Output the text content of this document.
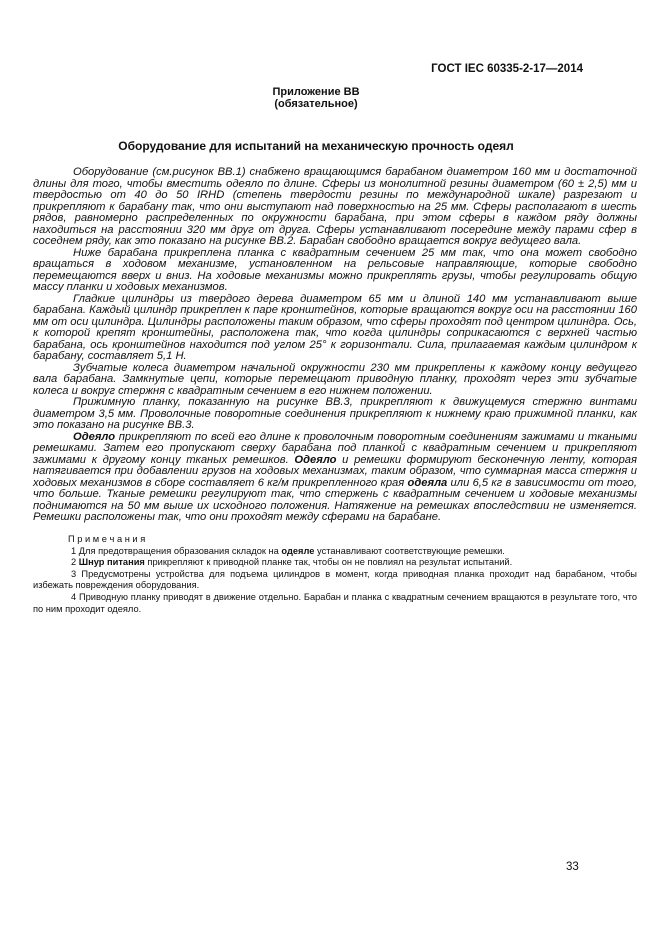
ГОСТ IEC 60335-2-17—2014
Приложение ВВ
(обязательное)
Оборудование для испытаний на механическую прочность одеял

Оборудование (см.рисунок ВВ.1) снабжено вращающимся барабаном диаметром 160 мм и достаточной длины для того, чтобы вместить одеяло по длине. Сферы из монолитной резины диаметром (60 ± 2,5) мм и твердостью от 40 до 50 IRHD (степень твердости резины по международной шкале) разрезают и прикрепляют к барабану так, что они выступают над поверхностью на 25 мм. Сферы располагают в шесть рядов, равномерно распределенных по окружности барабана, при этом сферы в каждом ряду должны находиться на расстоянии 320 мм друг от друга. Сферы устанавливают посередине между парами сфер в соседнем ряду, как это показано на рисунке ВВ.2. Барабан свободно вращается вокруг ведущего вала.

Ниже барабана прикреплена планка с квадратным сечением 25 мм так, что она может свободно вращаться в ходовом механизме, установленном на рельсовые направляющие, которые свободно перемещаются вверх и вниз. На ходовые механизмы можно прикреплять грузы, чтобы регулировать общую массу планки и ходовых механизмов.

Гладкие цилиндры из твердого дерева диаметром 65 мм и длиной 140 мм устанавливают выше барабана. Каждый цилиндр прикреплен к паре кронштейнов, которые вращаются вокруг оси на расстоянии 160 мм от оси цилиндра. Цилиндры расположены таким образом, что сферы проходят под центром цилиндра. Ось, к которой крепят кронштейны, расположена так, что когда цилиндры соприкасаются с верхней частью барабана, ось кронштейнов находится под углом 25° к горизонтали. Сила, прилагаемая каждым цилиндром к барабану, составляет 5,1 Н.

Зубчатые колеса диаметром начальной окружности 230 мм прикреплены к каждому концу ведущего вала барабана. Замкнутые цепи, которые перемещают приводную планку, проходят через эти зубчатые колеса и вокруг стержня с квадратным сечением в его нижнем положении.

Прижимную планку, показанную на рисунке ВВ.3, прикрепляют к движущемуся стержню винтами диаметром 3,5 мм. Проволочные поворотные соединения прикрепляют к нижнему краю прижимной планки, как это показано на рисунке ВВ.3.

Одеяло прикрепляют по всей его длине к проволочным поворотным соединениям зажимами и ткаными ремешками. Затем его пропускают сверху барабана под планкой с квадратным сечением и прикрепляют зажимами к другому концу тканых ремешков. Одеяло и ремешки формируют бесконечную ленту, которая натягивается при добавлении грузов на ходовых механизмах, таким образом, что суммарная масса стержня и ходовых механизмов в сборе составляет 6 кг/м прикрепленного края одеяла или 6,5 кг в зависимости от того, что больше. Тканые ремешки регулируют так, что стержень с квадратным сечением и ходовые механизмы поднимаются на 50 мм выше их исходного положения. Натяжение на ремешках впоследствии не изменяется. Ремешки расположены так, что они проходят между сферами на барабане.

П р и м е ч а н и я

1 Для предотвращения образования складок на одеяле устанавливают соответствующие ремешки.

2 Шнур питания прикрепляют к приводной планке так, чтобы он не повлиял на результат испытаний.

3 Предусмотрены устройства для подъема цилиндров в момент, когда приводная планка проходит над барабаном, чтобы избежать повреждения оборудования.

4 Приводную планку приводят в движение отдельно. Барабан и планка с квадратным сечением вращаются в результате того, что по ним проходит одеяло.

33
